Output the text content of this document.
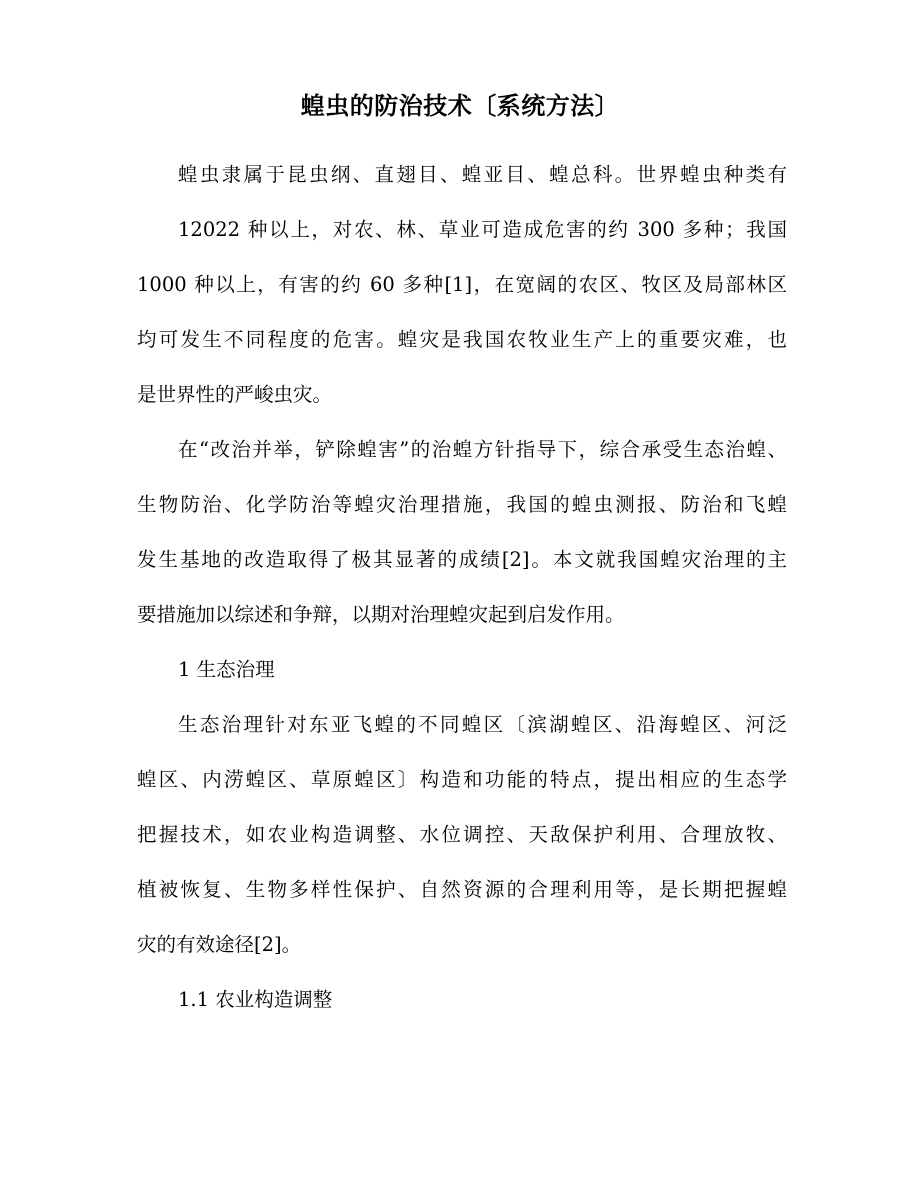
蝗虫的防治技术〔系统方法〕
蝗虫隶属于昆虫纲、直翅目、蝗亚目、蝗总科。世界蝗虫种类有
12022 种以上，对农、林、草业可造成危害的约 300 多种；我国
1000 种以上，有害的约 60 多种[1]，在宽阔的农区、牧区及局部林区
均可发生不同程度的危害。蝗灾是我国农牧业生产上的重要灾难，也
是世界性的严峻虫灾。
在“改治并举，铲除蝗害”的治蝗方针指导下，综合承受生态治蝗、
生物防治、化学防治等蝗灾治理措施，我国的蝗虫测报、防治和飞蝗
发生基地的改造取得了极其显著的成绩[2]。本文就我国蝗灾治理的主
要措施加以综述和争辩，以期对治理蝗灾起到启发作用。
1 生态治理
生态治理针对东亚飞蝗的不同蝗区〔滨湖蝗区、沿海蝗区、河泛
蝗区、内涝蝗区、草原蝗区〕构造和功能的特点，提出相应的生态学
把握技术，如农业构造调整、水位调控、天敌保护利用、合理放牧、
植被恢复、生物多样性保护、自然资源的合理利用等，是长期把握蝗
灾的有效途径[2]。
1.1 农业构造调整
